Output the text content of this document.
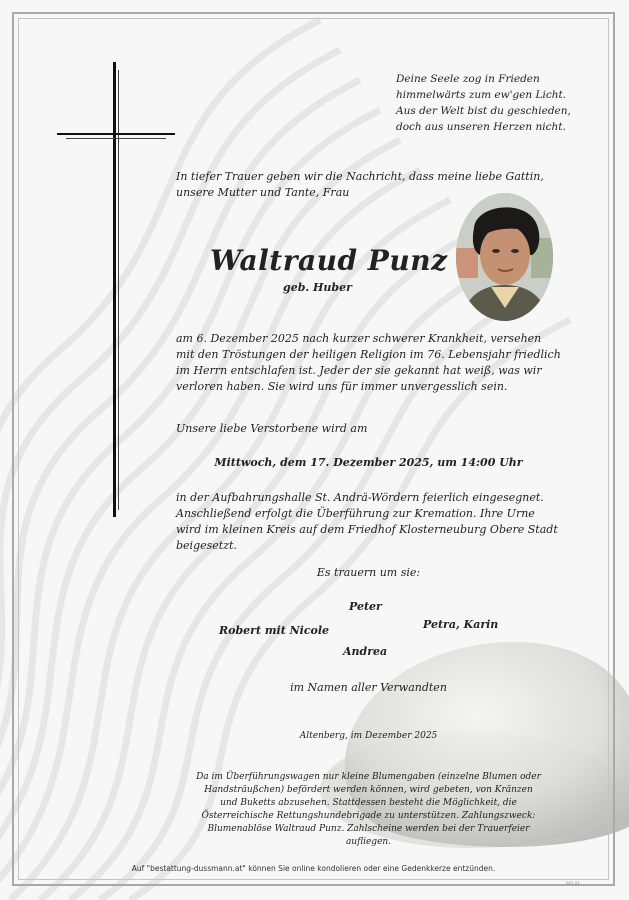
Deine Seele zog in Frieden
himmelwärts zum ew'gen Licht.
Aus der Welt bist du geschieden,
doch aus unseren Herzen nicht.
In tiefer Trauer geben wir die Nachricht, dass meine liebe Gattin, unsere Mutter und Tante, Frau
Waltraud Punz
geb. Huber
am 6. Dezember 2025 nach kurzer schwerer Krankheit, versehen mit den Tröstungen der heiligen Religion im 76. Lebensjahr friedlich im Herrn entschlafen ist. Jeder der sie gekannt hat weiß, was wir verloren haben. Sie wird uns für immer unvergesslich sein.
Unsere liebe Verstorbene wird am
Mittwoch, dem 17. Dezember 2025, um 14:00 Uhr
in der Aufbahrungshalle St. Andrä-Wördern feierlich eingesegnet. Anschließend erfolgt die Überführung zur Kremation. Ihre Urne wird im kleinen Kreis auf dem Friedhof Klosterneuburg Obere Stadt beigesetzt.
Es trauern um sie:
Peter
Robert mit Nicole	Petra, Karin
Andrea
im Namen aller Verwandten
Altenberg, im Dezember 2025
Da im Überführungswagen nur kleine Blumengaben (einzelne Blumen oder Handsträußchen) befördert werden können, wird gebeten, von Kränzen und Buketts abzusehen. Stattdessen besteht die Möglichkeit, die Österreichische Rettungshundebrigade zu unterstützen. Zahlungszweck: Blumenablöse Waltraud Punz. Zahlscheine werden bei der Trauerfeier aufliegen.
Auf "bestattung-dussmann.at" können Sie online kondolieren oder eine Gedenkkerze entzünden.
001.01
